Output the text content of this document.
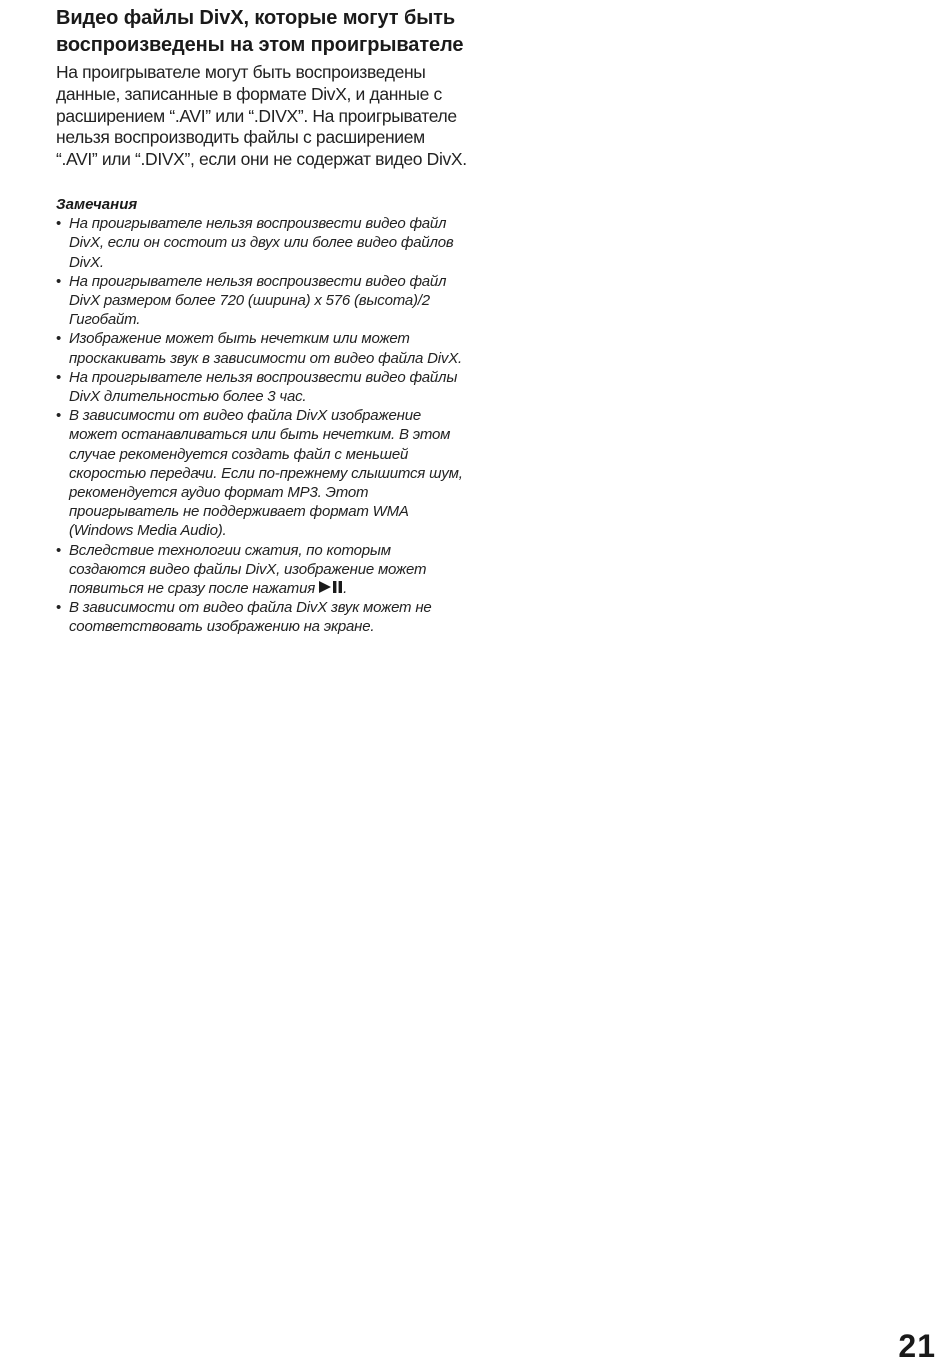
Видео файлы DivX, которые могут быть воспроизведены на этом проигрывателе

На проигрывателе могут быть воспроизведены данные, записанные в формате DivX, и данные с расширением “.AVI” или “.DIVX”. На проигрывателе нельзя воспроизводить файлы с расширением “.AVI” или “.DIVX”, если они не содержат видео DivX.

Замечания
• На проигрывателе нельзя воспроизвести видео файл DivX, если он состоит из двух или более видео файлов DivX.
• На проигрывателе нельзя воспроизвести видео файл DivX размером более 720 (ширина) x 576 (высота)/2 Гигобайт.
• Изображение может быть нечетким или может проскакивать звук в зависимости от видео файла DivX.
• На проигрывателе нельзя воспроизвести видео файлы DivX длительностью более 3 час.
• В зависимости от видео файла DivX изображение может останавливаться или быть нечетким. В этом случае рекомендуется создать файл с меньшей скоростью передачи. Если по-прежнему слышится шум, рекомендуется аудио формат MP3. Этот проигрыватель не поддерживает формат WMA (Windows Media Audio).
• Вследствие технологии сжатия, по которым создаются видео файлы DivX, изображение может появиться не сразу после нажатия .
• В зависимости от видео файла DivX звук может не соответствовать изображению на экране.
21
